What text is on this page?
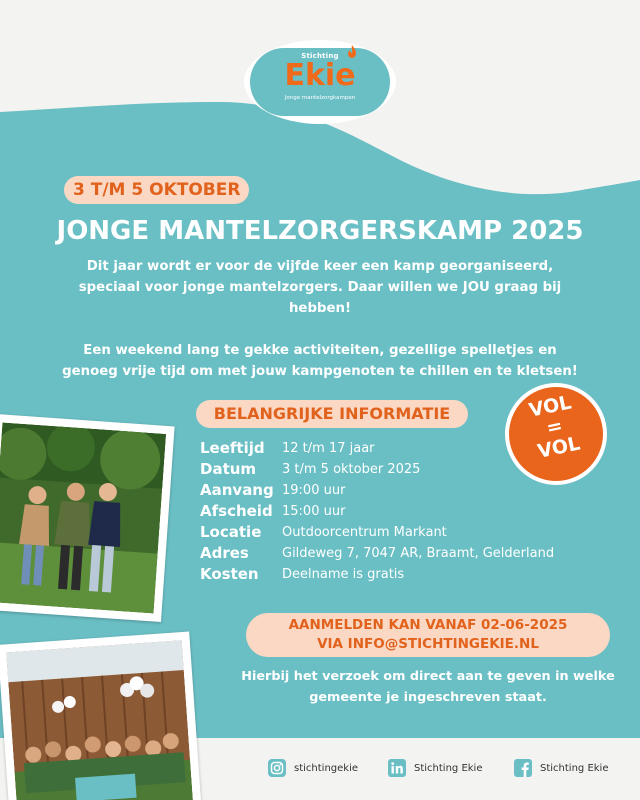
Stichting
Ekie
Jonge mantelzorgkampen
3 T/M 5 OKTOBER
JONGE MANTELZORGERSKAMP 2025

Dit jaar wordt er voor de vijfde keer een kamp georganiseerd, speciaal voor jonge mantelzorgers. Daar willen we JOU graag bij hebben!

Een weekend lang te gekke activiteiten, gezellige spelletjes en genoeg vrije tijd om met jouw kampgenoten te chillen en te kletsen!

VOL
=
VOL
BELANGRIJKE INFORMATIE
Leeftijd 12 t/m 17 jaar
Datum 3 t/m 5 oktober 2025
Aanvang 19:00 uur
Afscheid 15:00 uur
Locatie Outdoorcentrum Markant
Adres	Gildeweg 7, 7047 AR, Braamt, Gelderland
Kosten Deelname is gratis
AANMELDEN KAN VANAF 02-06-2025
VIA INFO@STICHTINGEKIE.NL
Hierbij het verzoek om direct aan te geven in welke gemeente je ingeschreven staat.
stichtingekie	Stichting Ekie	Stichting Ekie
